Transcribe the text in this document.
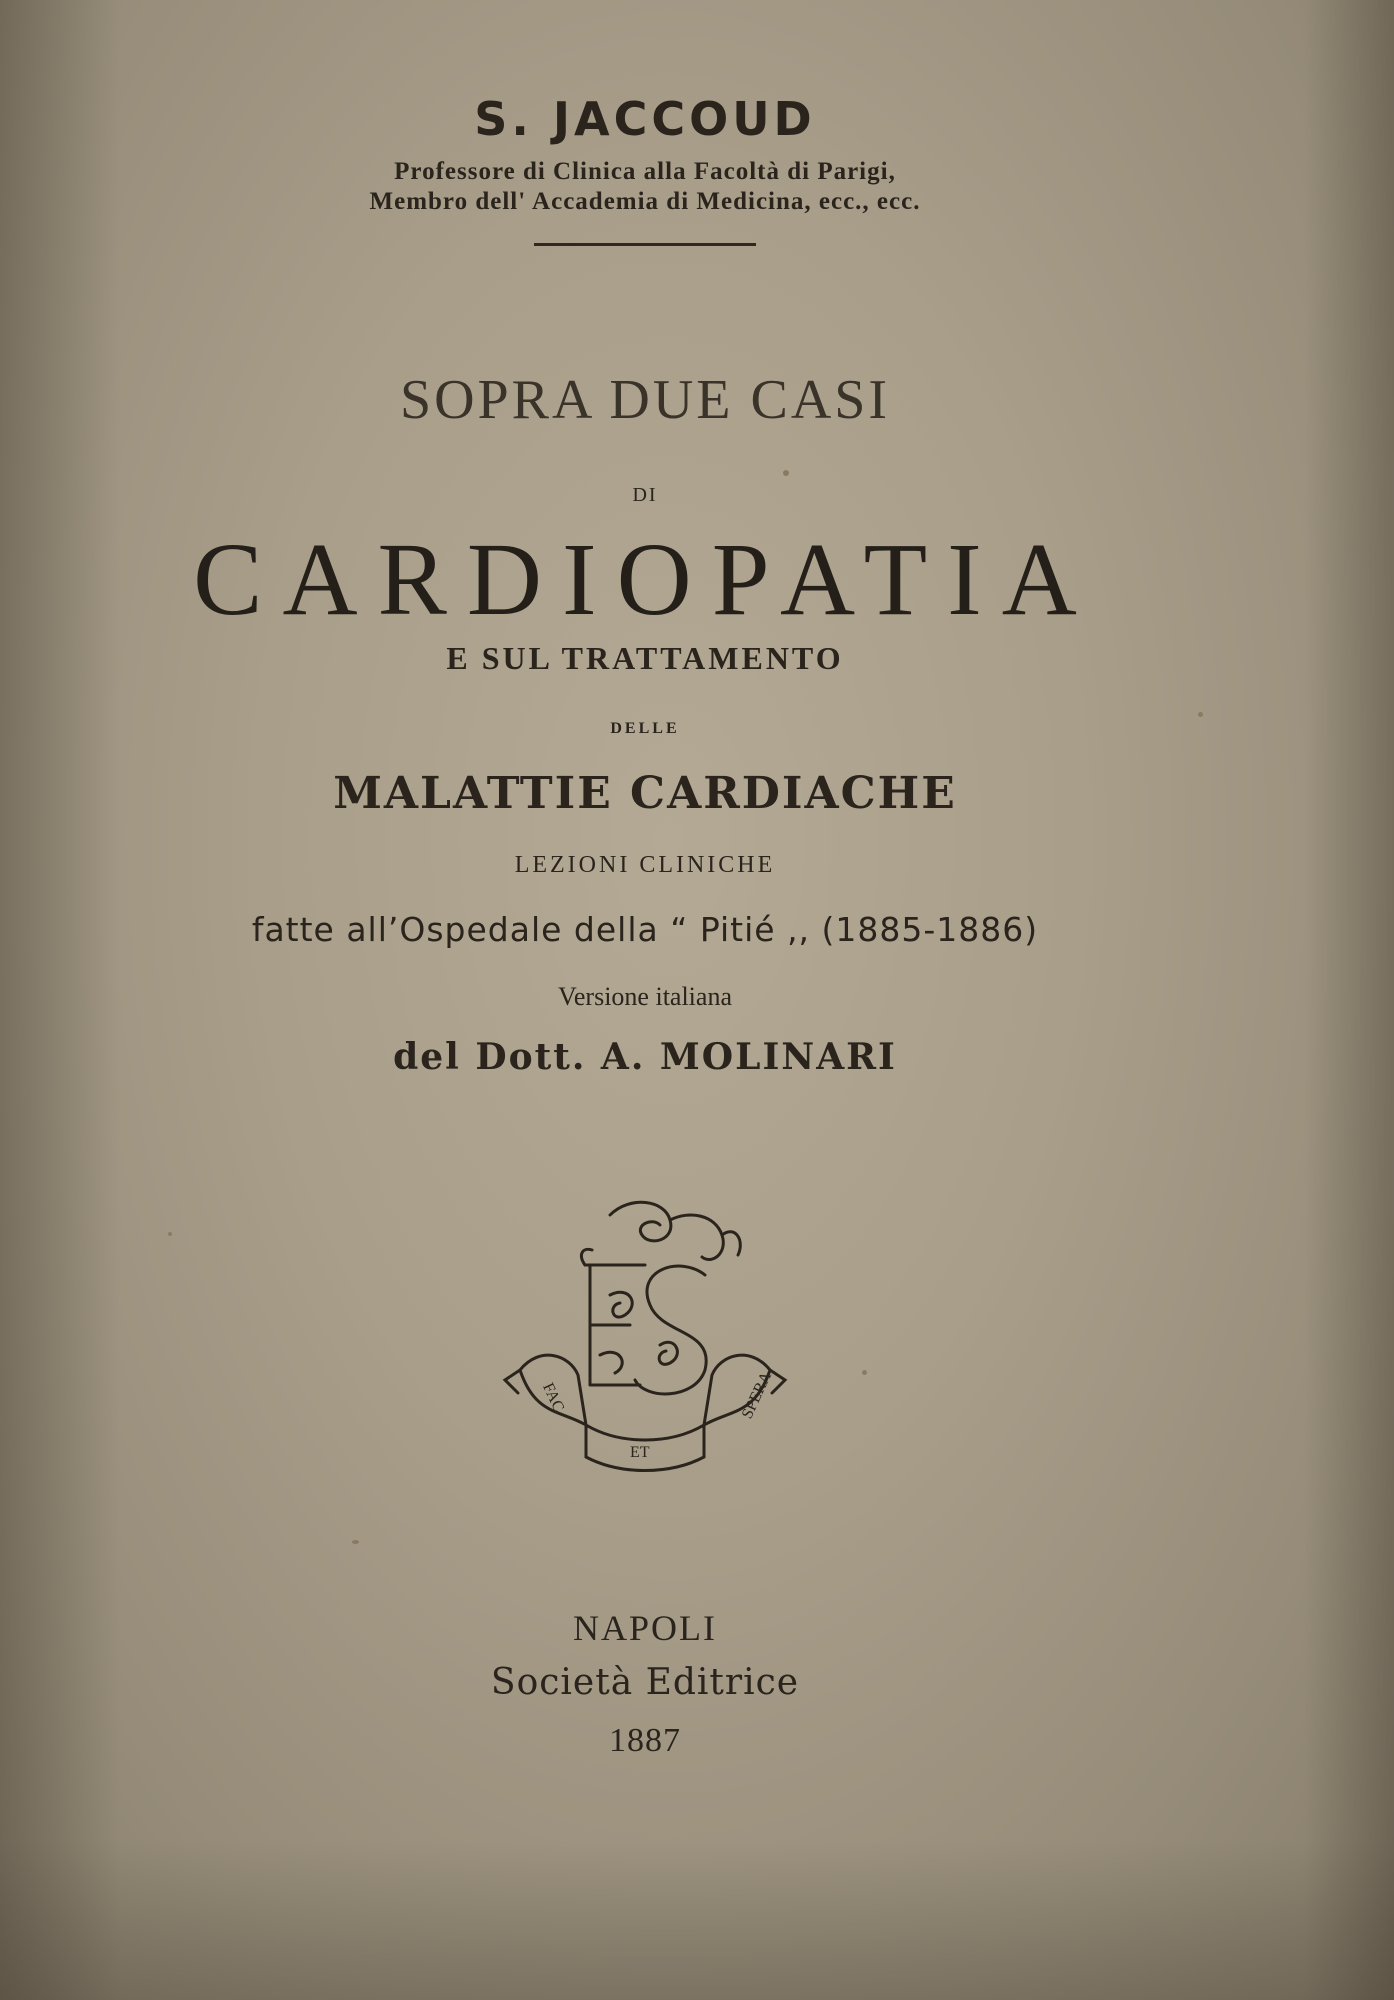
S. JACCOUD
Professore di Clinica alla Facoltà di Parigi,
Membro dell' Accademia di Medicina, ecc., ecc.
SOPRA DUE CASI
DI
CARDIOPATIA
E SUL TRATTAMENTO
DELLE
MALATTIE CARDIACHE
LEZIONI CLINICHE
fatte all’Ospedale della “ Pitié ,, (1885-1886)
Versione italiana
del Dott. A. MOLINARI
FAC
ET
SPERA
NAPOLI
Società Editrice
1887
